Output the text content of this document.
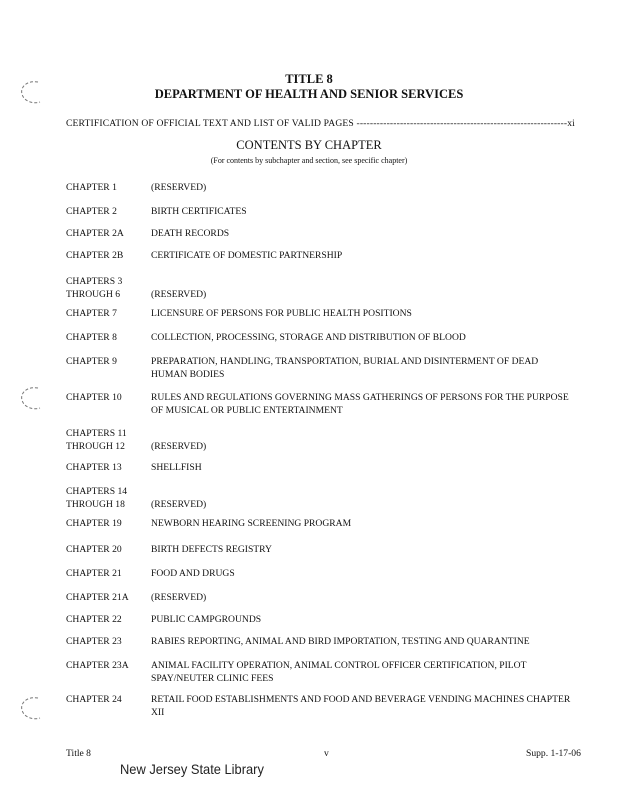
TITLE 8
DEPARTMENT OF HEALTH AND SENIOR SERVICES
CERTIFICATION OF OFFICIAL TEXT AND LIST OF VALID PAGES ---------------------------------------------------------------xi
CONTENTS BY CHAPTER
(For contents by subchapter and section, see specific chapter)
CHAPTER 1	(RESERVED)
CHAPTER 2	BIRTH CERTIFICATES
CHAPTER 2A	DEATH RECORDS
CHAPTER 2B	CERTIFICATE OF DOMESTIC PARTNERSHIP
CHAPTERS 3
THROUGH 6	(RESERVED)
CHAPTER 7	LICENSURE OF PERSONS FOR PUBLIC HEALTH POSITIONS
CHAPTER 8	COLLECTION, PROCESSING, STORAGE AND DISTRIBUTION OF BLOOD
CHAPTER 9	PREPARATION, HANDLING, TRANSPORTATION, BURIAL AND DISINTERMENT OF DEAD HUMAN BODIES
CHAPTER 10	RULES AND REGULATIONS GOVERNING MASS GATHERINGS OF PERSONS FOR THE PURPOSE OF MUSICAL OR PUBLIC ENTERTAINMENT
CHAPTERS 11
THROUGH 12	(RESERVED)
CHAPTER 13	SHELLFISH
CHAPTERS 14
THROUGH 18	(RESERVED)
CHAPTER 19	NEWBORN HEARING SCREENING PROGRAM
CHAPTER 20	BIRTH DEFECTS REGISTRY
CHAPTER 21	FOOD AND DRUGS
CHAPTER 21A	(RESERVED)
CHAPTER 22	PUBLIC CAMPGROUNDS
CHAPTER 23	RABIES REPORTING, ANIMAL AND BIRD IMPORTATION, TESTING AND QUARANTINE
CHAPTER 23A	ANIMAL FACILITY OPERATION, ANIMAL CONTROL OFFICER CERTIFICATION, PILOT SPAY/NEUTER CLINIC FEES
CHAPTER 24	RETAIL FOOD ESTABLISHMENTS AND FOOD AND BEVERAGE VENDING MACHINES CHAPTER XII
Title 8	v	Supp. 1-17-06
New Jersey State Library
